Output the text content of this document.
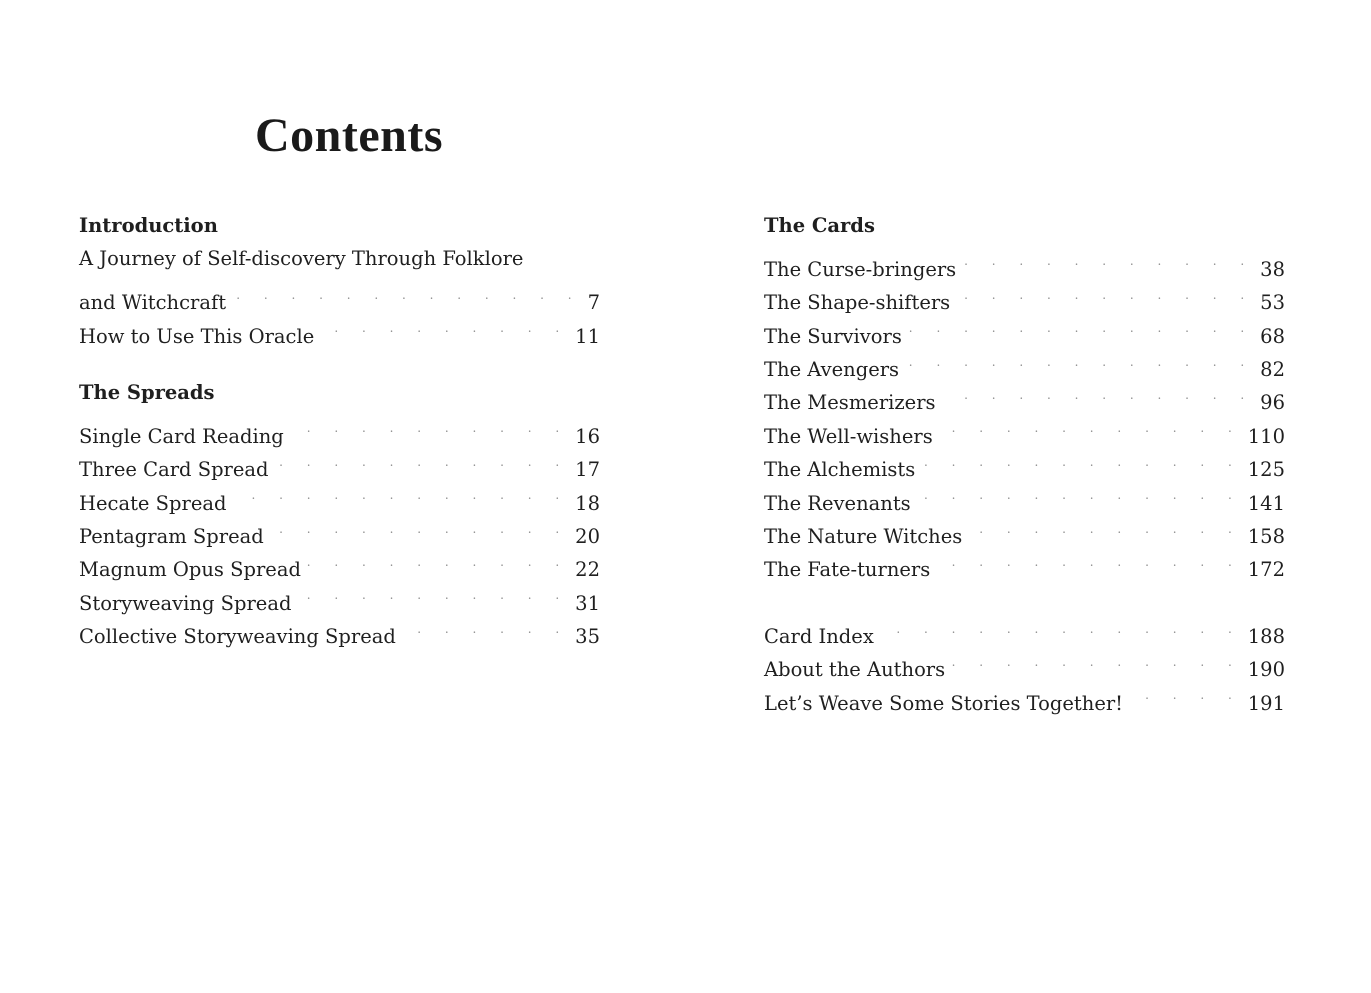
Contents
Introduction
A Journey of Self-discovery Through Folklore
and Witchcraft . . .	7
How to Use This Oracle . . .	11
The Spreads
Single Card Reading . . .	16
Three Card Spread . . .	17
Hecate Spread . . .	18
Pentagram Spread . . .	20
Magnum Opus Spread . . .	22
Storyweaving Spread . . .	31
Collective Storyweaving Spread . . .	35
The Cards
The Curse-bringers . . .	38
The Shape-shifters . . .	53
The Survivors . . .	68
The Avengers . . .	82
The Mesmerizers . . .	96
The Well-wishers . . .	110
The Alchemists . . .	125
The Revenants . . .	141
The Nature Witches . . .	158
The Fate-turners . . .	172
Card Index . . .	188
About the Authors . . .	190
Let’s Weave Some Stories Together! . . .	191
